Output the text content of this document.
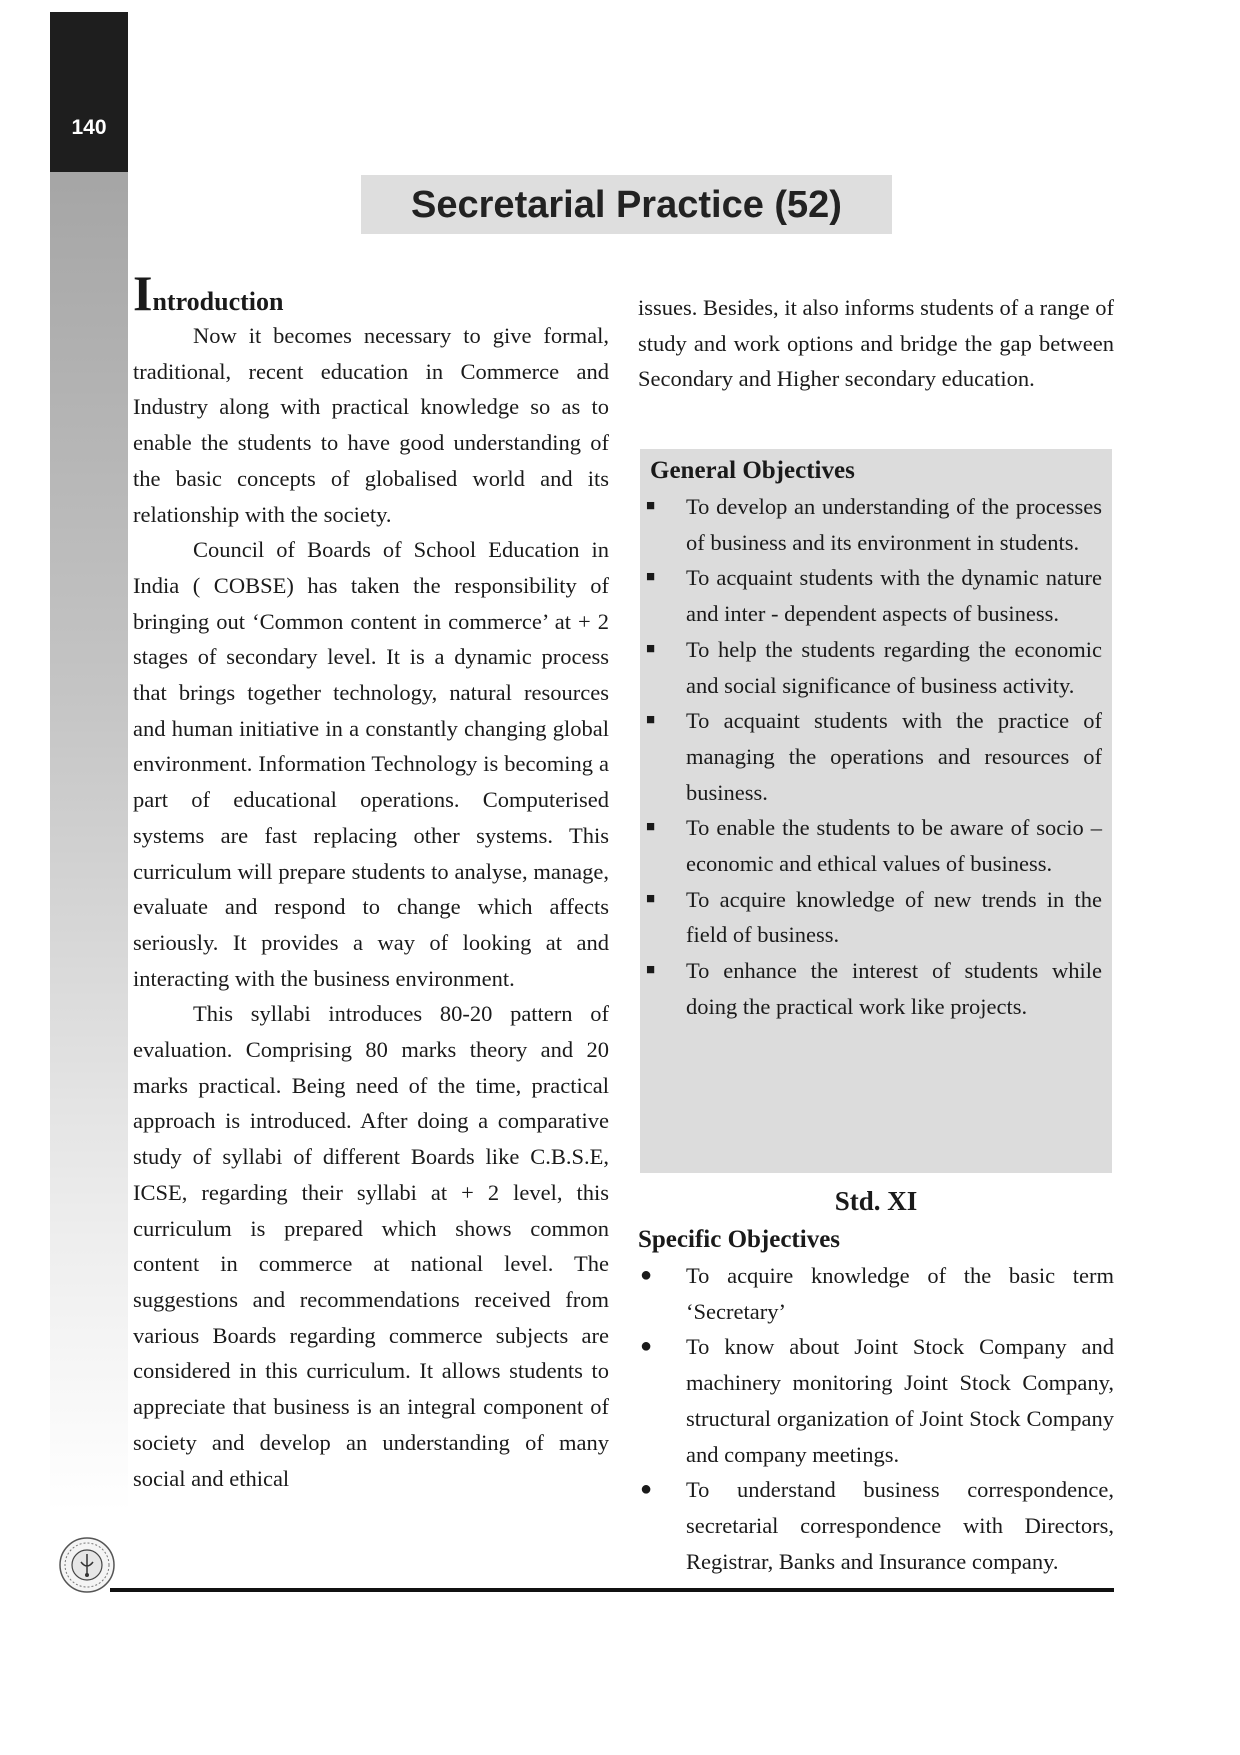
140
Secretarial Practice (52)
Introduction

Now it becomes necessary to give formal, traditional, recent education in Commerce and Industry along with practical knowledge so as to enable the students to have good understanding of the basic concepts of globalised world and its relationship with the society.

Council of Boards of School Education in India ( COBSE) has taken the responsibility of bringing out ‘Common content in commerce’ at + 2 stages of secondary level. It is a dynamic process that brings together technology, natural resources and human initiative in a constantly changing global environment. Information Technology is becoming a part of educational operations. Computerised systems are fast replacing other systems. This curriculum will prepare students to analyse, manage, evaluate and respond to change which affects seriously. It provides a way of looking at and interacting with the business environment.

This syllabi introduces 80-20 pattern of evaluation. Comprising 80 marks theory and 20 marks practical. Being need of the time, practical approach is introduced. After doing a comparative study of syllabi of different Boards like C.B.S.E, ICSE, regarding their syllabi at + 2 level, this curriculum is prepared which shows common content in commerce at national level. The suggestions and recommendations received from various Boards regarding commerce subjects are considered in this curriculum. It allows students to appreciate that business is an integral component of society and develop an understanding of many social and ethical

issues. Besides, it also informs students of a range of study and work options and bridge the gap between Secondary and Higher secondary education.

General Objectives
■	To develop an understanding of the processes of business and its environment in students.
■	To acquaint students with the dynamic nature and inter - dependent aspects of business.
■	To help the students regarding the economic and social significance of business activity.
■	To acquaint students with the practice of managing the operations and resources of business.
■	To enable the students to be aware of socio – economic and ethical values of business.
■	To acquire knowledge of new trends in the field of business.
■	To enhance the interest of students while doing the practical work like projects.
Std. XI
Specific Objectives
●	To acquire knowledge of the basic term ‘Secretary’
●	To know about Joint Stock Company and machinery monitoring Joint Stock Company, structural organization of Joint Stock Company and company meetings.
●	To understand business correspondence, secretarial correspondence with Directors, Registrar, Banks and Insurance company.
